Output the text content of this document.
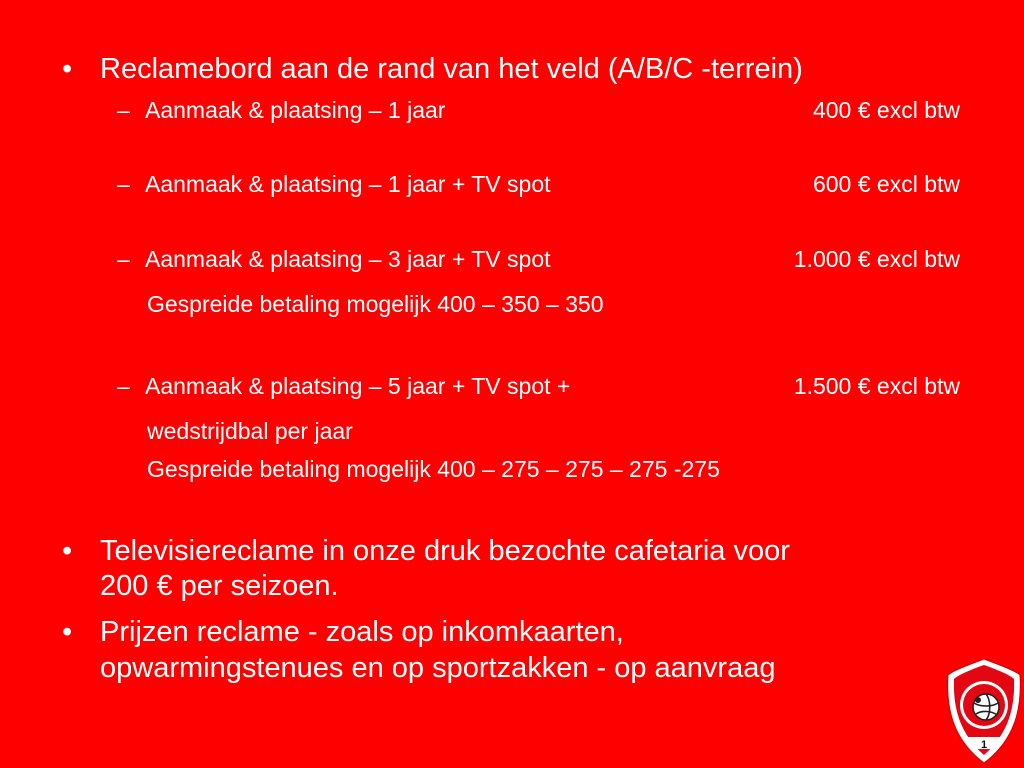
• Reclamebord aan de rand van het veld (A/B/C -terrein)
– Aanmaak & plaatsing – 1 jaar	400 € excl btw
– Aanmaak & plaatsing – 1 jaar + TV spot	600 € excl btw
– Aanmaak & plaatsing – 3 jaar + TV spot	1.000 € excl btw
Gespreide betaling mogelijk 400 – 350 – 350
– Aanmaak & plaatsing – 5 jaar + TV spot +	1.500 € excl btw
wedstrijdbal per jaar
Gespreide betaling mogelijk 400 – 275 – 275 – 275 -275
• Televisiereclame in onze druk bezochte cafetaria voor
200 € per seizoen.
• Prijzen reclame - zoals op inkomkaarten,
opwarmingstenues en op sportzakken - op aanvraag
1
